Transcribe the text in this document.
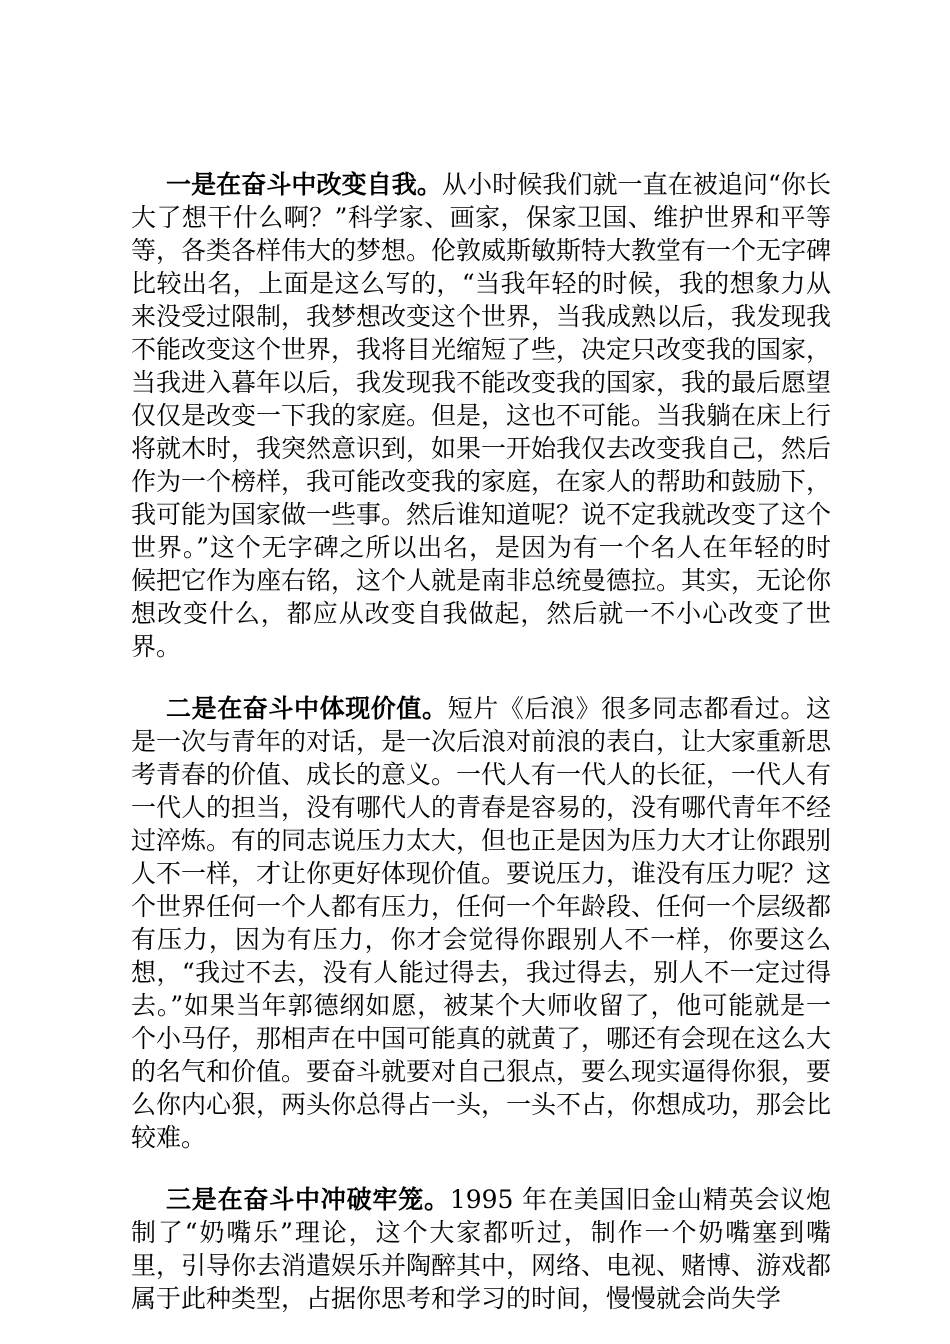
一是在奋斗中改变自我。从小时候我们就一直在被追问“你长大了想干什么啊？”科学家、画家，保家卫国、维护世界和平等等，各类各样伟大的梦想。伦敦威斯敏斯特大教堂有一个无字碑比较出名，上面是这么写的，“当我年轻的时候，我的想象力从来没受过限制，我梦想改变这个世界，当我成熟以后，我发现我不能改变这个世界，我将目光缩短了些，决定只改变我的国家，当我进入暮年以后，我发现我不能改变我的国家，我的最后愿望仅仅是改变一下我的家庭。但是，这也不可能。当我躺在床上行将就木时，我突然意识到，如果一开始我仅去改变我自己，然后作为一个榜样，我可能改变我的家庭，在家人的帮助和鼓励下，我可能为国家做一些事。然后谁知道呢？说不定我就改变了这个世界。”这个无字碑之所以出名，是因为有一个名人在年轻的时候把它作为座右铭，这个人就是南非总统曼德拉。其实，无论你想改变什么，都应从改变自我做起，然后就一不小心改变了世界。

二是在奋斗中体现价值。短片《后浪》很多同志都看过。这是一次与青年的对话，是一次后浪对前浪的表白，让大家重新思考青春的价值、成长的意义。一代人有一代人的长征，一代人有一代人的担当，没有哪代人的青春是容易的，没有哪代青年不经过淬炼。有的同志说压力太大，但也正是因为压力大才让你跟别人不一样，才让你更好体现价值。要说压力，谁没有压力呢？这个世界任何一个人都有压力，任何一个年龄段、任何一个层级都有压力，因为有压力，你才会觉得你跟别人不一样，你要这么想，“我过不去，没有人能过得去，我过得去，别人不一定过得去。”如果当年郭德纲如愿，被某个大师收留了，他可能就是一个小马仔，那相声在中国可能真的就黄了，哪还有会现在这么大的名气和价值。要奋斗就要对自己狠点，要么现实逼得你狠，要么你内心狠，两头你总得占一头，一头不占，你想成功，那会比较难。

三是在奋斗中冲破牢笼。1995 年在美国旧金山精英会议炮制了“奶嘴乐”理论，这个大家都听过，制作一个奶嘴塞到嘴里，引导你去消遣娱乐并陶醉其中，网络、电视、赌博、游戏都属于此种类型，占据你思考和学习的时间，慢慢就会尚失学
